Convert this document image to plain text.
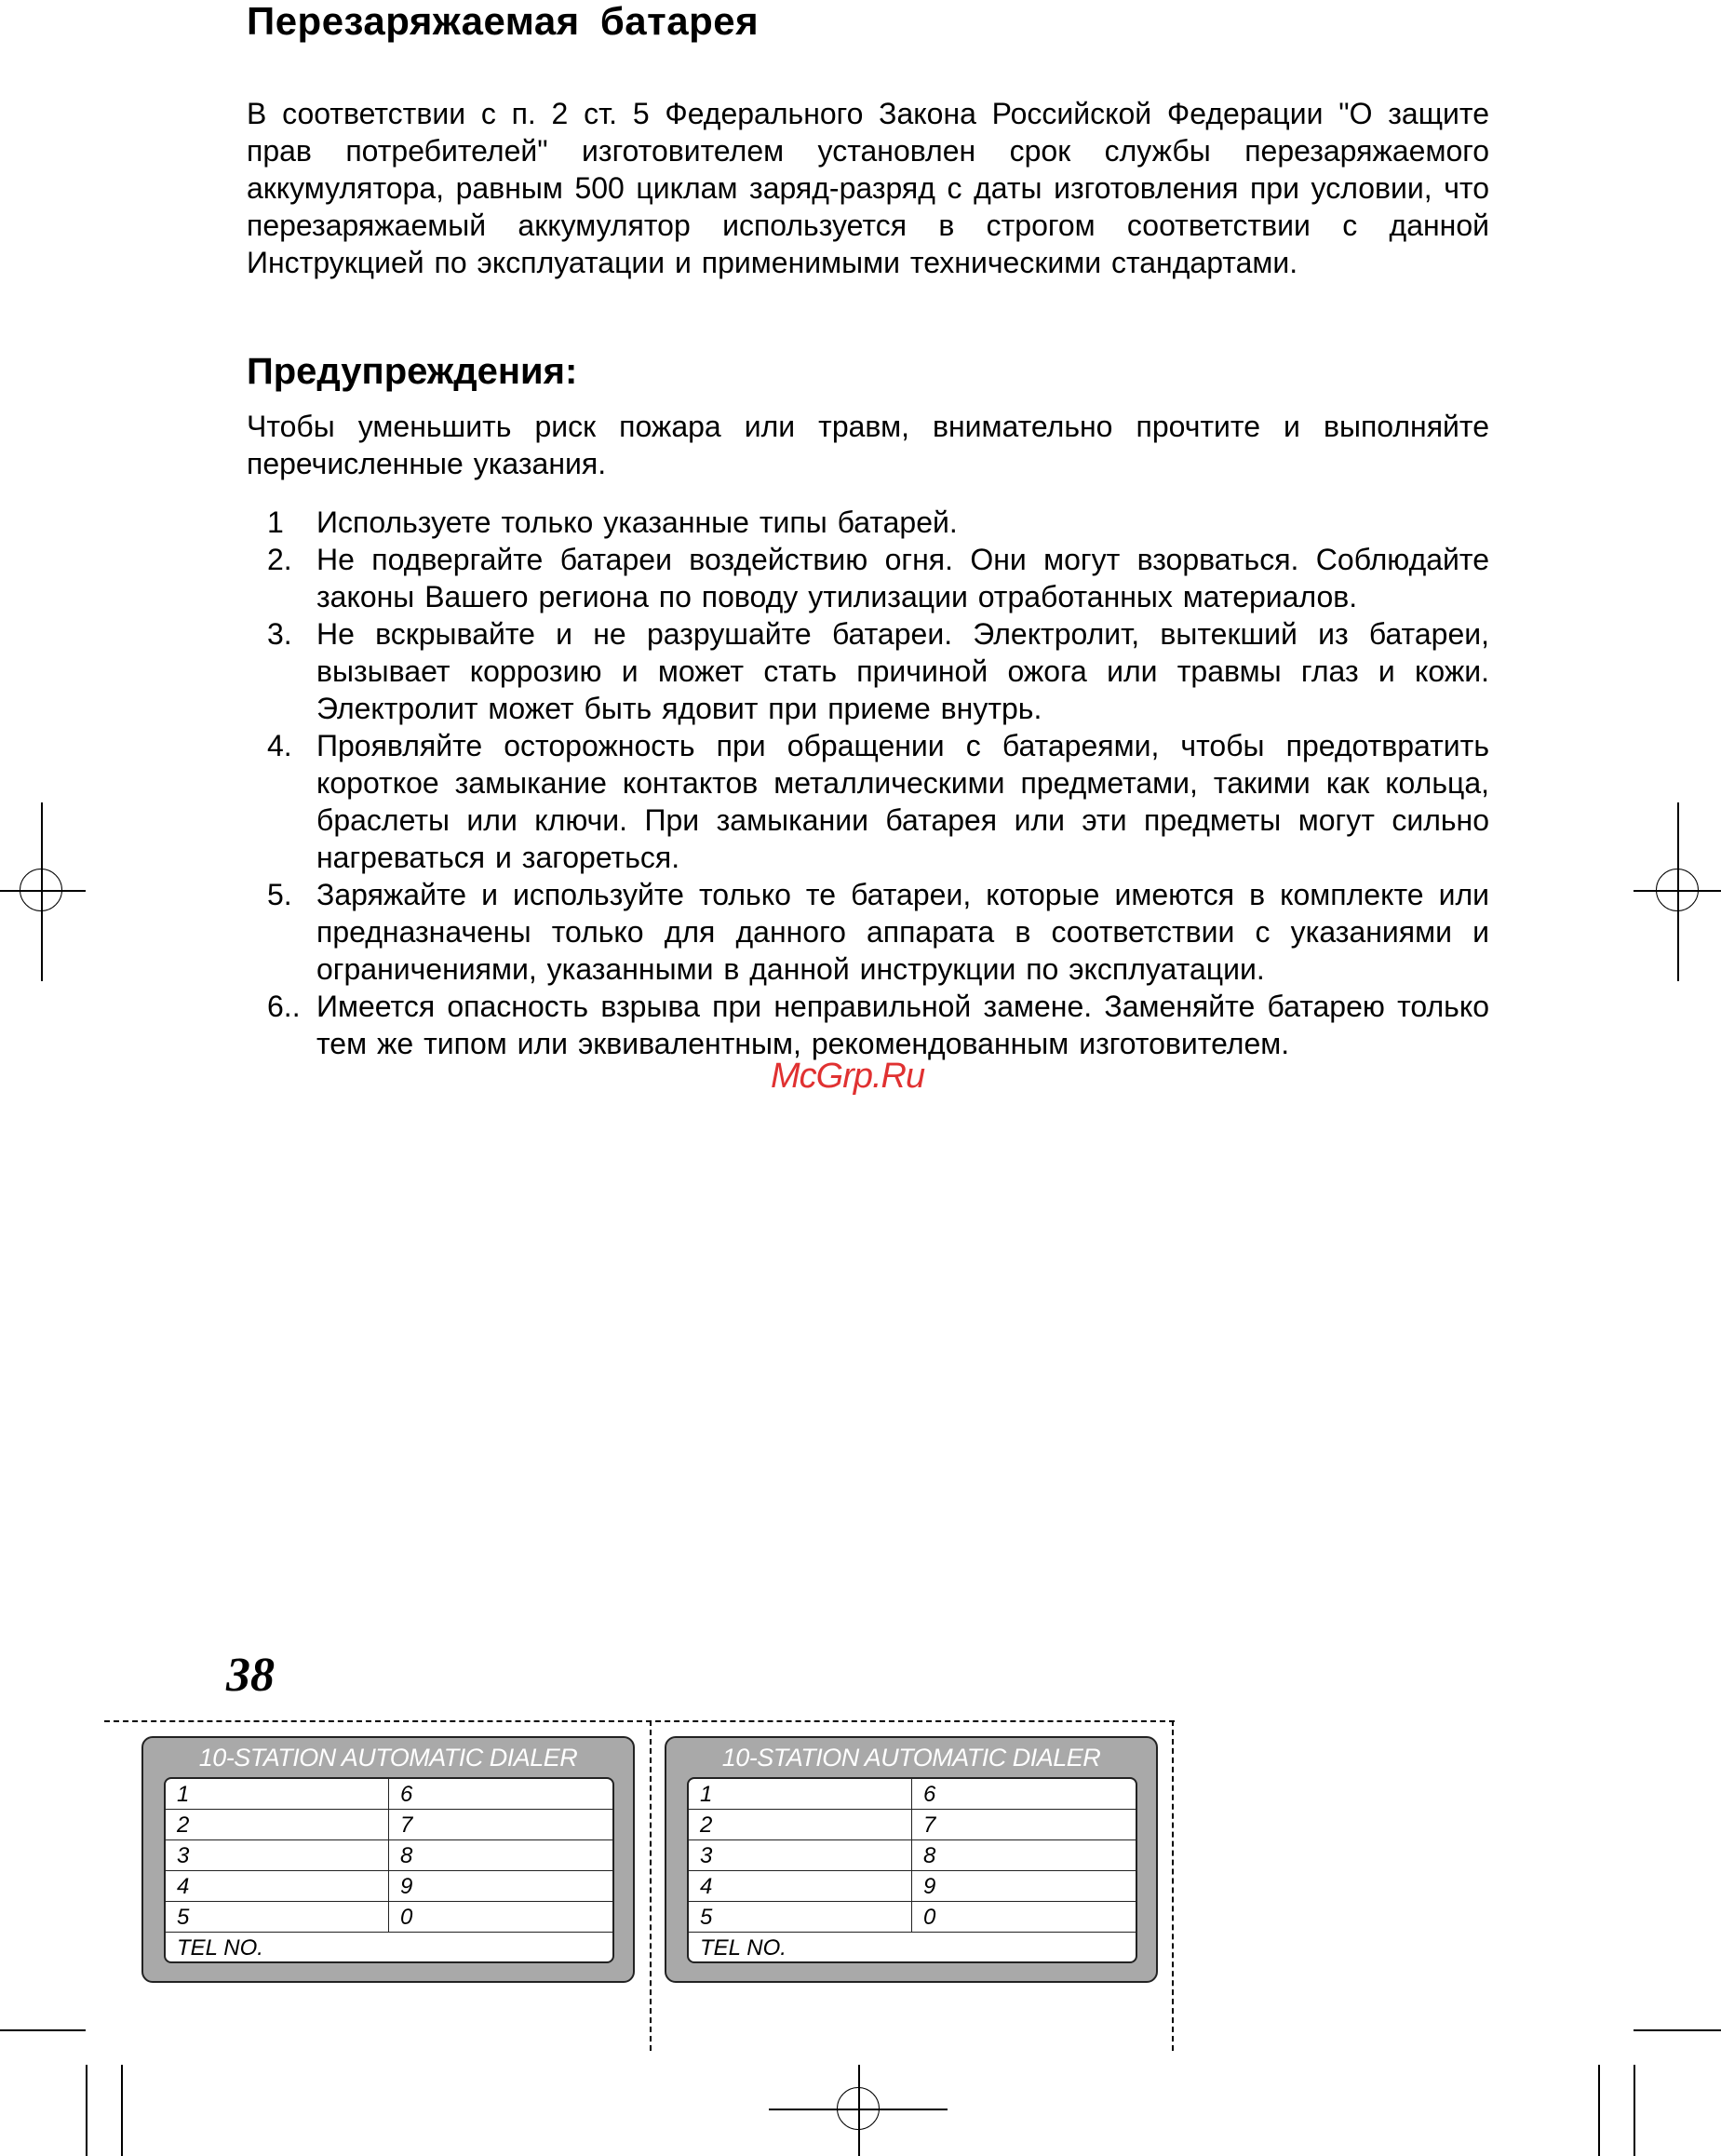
Перезаряжаемая батарея

В соответствии с п. 2 ст. 5 Федерального Закона Российской Федерации "О защите прав потребителей" изготовителем установлен срок службы перезаряжаемого аккумулятора, равным 500 циклам заряд-разряд с даты изготовления при условии, что перезаряжаемый аккумулятор используется в строгом соответствии с данной Инструкцией по эксплуатации и применимыми техническими стандартами.

Предупреждения:

Чтобы уменьшить риск пожара или травм, внимательно прочтите и выполняйте перечисленные указания.

1 Используете только указанные типы батарей.
2. Не подвергайте батареи воздействию огня. Они могут взорваться. Соблюдайте законы Вашего региона по поводу утилизации отработанных материалов.
3. Не вскрывайте и не разрушайте батареи. Электролит, вытекший из батареи, вызывает коррозию и может стать причиной ожога или травмы глаз и кожи. Электролит может быть ядовит при приеме внутрь.
4. Проявляйте осторожность при обращении с батареями, чтобы предотвратить короткое замыкание контактов металлическими предметами, такими как кольца, браслеты или ключи. При замыкании батарея или эти предметы могут сильно нагреваться и загореться.
5. Заряжайте и используйте только те батареи, которые имеются в комплекте или предназначены только для данного аппарата в соответствии с указаниями и ограничениями, указанными в данной инструкции по эксплуатации.
6.. Имеется опасность взрыва при неправильной замене. Заменяйте батарею только тем же типом или эквивалентным, рекомендованным изготовителем.
McGrp.Ru
38
10-STATION AUTOMATIC DIALER
1	6
2	7
3	8
4	9
5	0
TEL NO.
10-STATION AUTOMATIC DIALER
1	6
2	7
3	8
4	9
5	0
TEL NO.
